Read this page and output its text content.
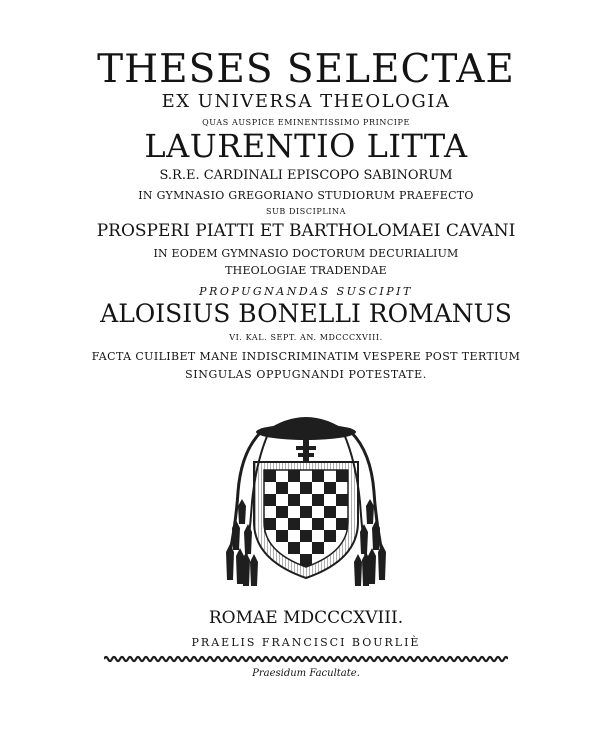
THESES SELECTAE
EX UNIVERSA THEOLOGIA
QUAS AUSPICE EMINENTISSIMO PRINCIPE
LAURENTIO LITTA
S.R.E. CARDINALI EPISCOPO SABINORUM
IN GYMNASIO GREGORIANO STUDIORUM PRAEFECTO
SUB DISCIPLINA
PROSPERI PIATTI ET BARTHOLOMAEI CAVANI
IN EODEM GYMNASIO DOCTORUM DECURIALIUM
THEOLOGIAE TRADENDAE
PROPUGNANDAS SUSCIPIT
ALOISIUS BONELLI ROMANUS
VI. KAL. SEPT. AN. MDCCCXVIII.
FACTA CUILIBET MANE INDISCRIMINATIM VESPERE POST TERTIUM
SINGULAS OPPUGNANDI POTESTATE.
ROMAE MDCCCXVIII.
PRAELIS FRANCISCI BOURLIÈ
Praesidum Facultate.
